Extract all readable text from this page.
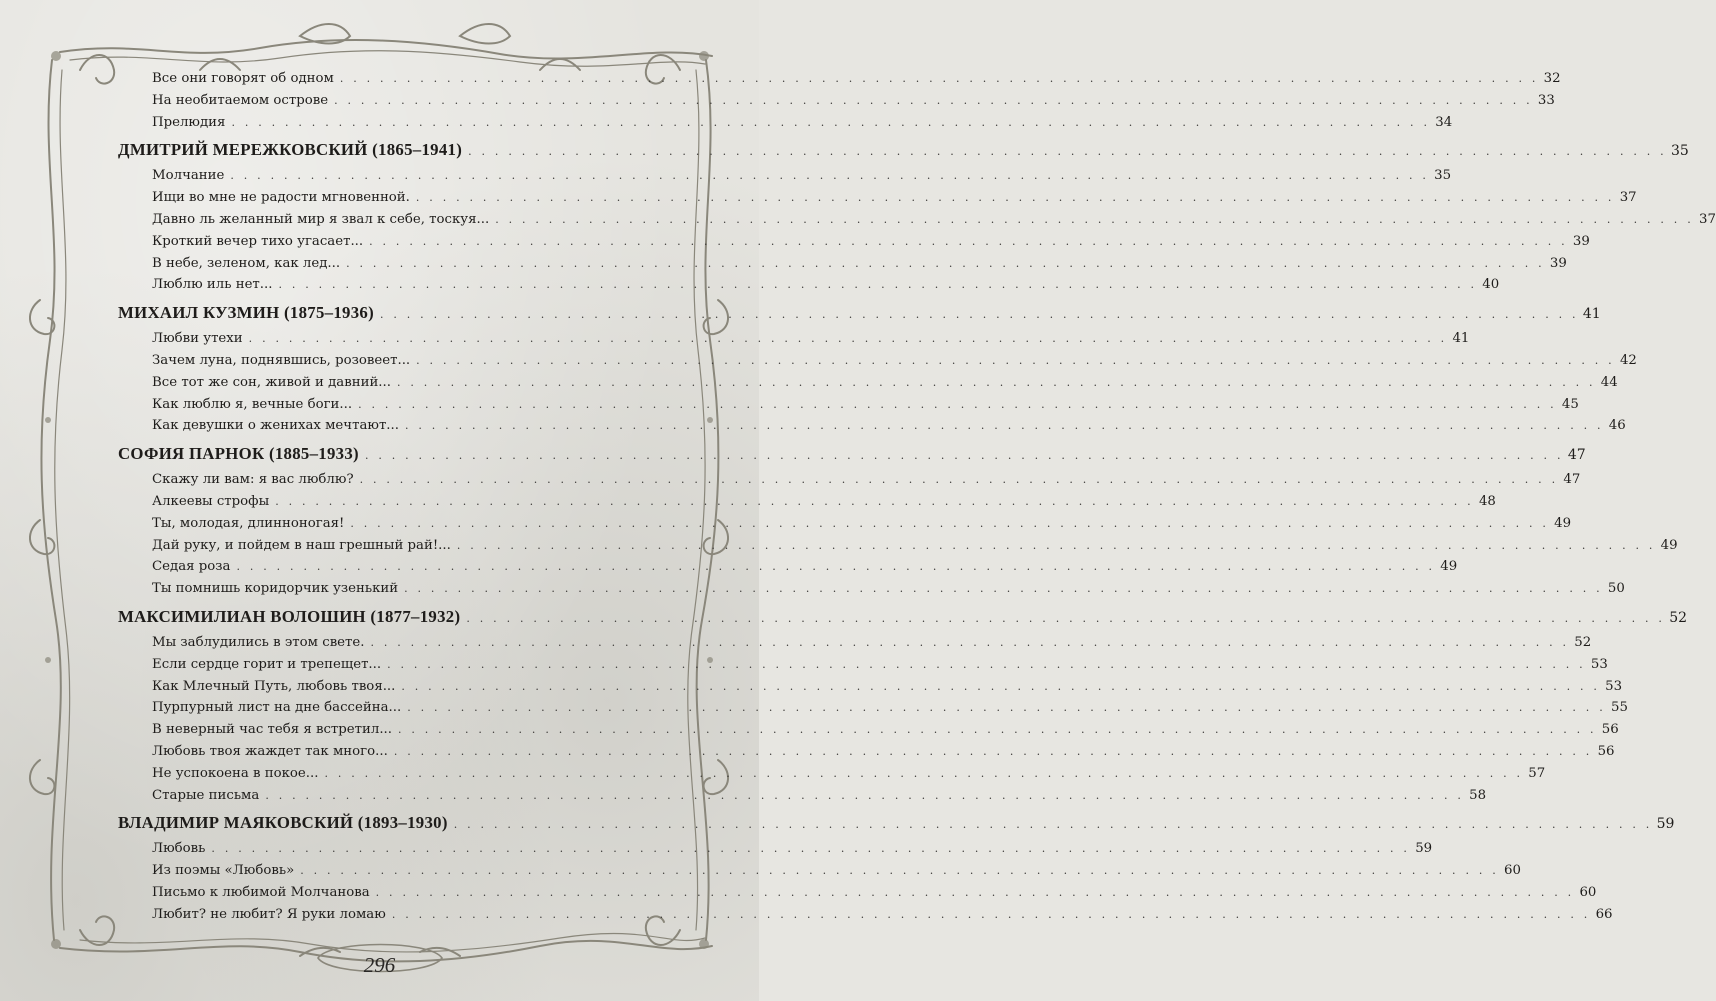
Все они говорят об одном . . . . . . . . . . . . . . . . . . . . . . . . . . . . . . . . . . . . . . . . . . . . . . . . . . . . . . . . . . . . . . . . . . . . . . . . . . . . . . . . . . . . . . . . . . 32
На необитаемом острове . . . . . . . . . . . . . . . . . . . . . . . . . . . . . . . . . . . . . . . . . . . . . . . . . . . . . . . . . . . . . . . . . . . . . . . . . . . . . . . . . . . . . . . . . . 33
Прелюдия . . . . . . . . . . . . . . . . . . . . . . . . . . . . . . . . . . . . . . . . . . . . . . . . . . . . . . . . . . . . . . . . . . . . . . . . . . . . . . . . . . . . . . . . . . 34
ДМИТРИЙ МЕРЕЖКОВСКИЙ (1865–1941) . . . . . . . . . . . . . . . . . . . . . . . . . . . . . . . . . . . . . . . . . . . . . . . . . . . . . . . . . . . . . . . . . . . . . . . . . . . . . . . . . . . . . . . . . . 35
Молчание . . . . . . . . . . . . . . . . . . . . . . . . . . . . . . . . . . . . . . . . . . . . . . . . . . . . . . . . . . . . . . . . . . . . . . . . . . . . . . . . . . . . . . . . . . 35
Ищи во мне не радости мгновенной. . . . . . . . . . . . . . . . . . . . . . . . . . . . . . . . . . . . . . . . . . . . . . . . . . . . . . . . . . . . . . . . . . . . . . . . . . . . . . . . . . . . . . . . . . . 37
Давно ль желанный мир я звал к себе, тоскуя... . . . . . . . . . . . . . . . . . . . . . . . . . . . . . . . . . . . . . . . . . . . . . . . . . . . . . . . . . . . . . . . . . . . . . . . . . . . . . . . . . . . . . . . . . . 37
Кроткий вечер тихо угасает... . . . . . . . . . . . . . . . . . . . . . . . . . . . . . . . . . . . . . . . . . . . . . . . . . . . . . . . . . . . . . . . . . . . . . . . . . . . . . . . . . . . . . . . . . . 39
В небе, зеленом, как лед... . . . . . . . . . . . . . . . . . . . . . . . . . . . . . . . . . . . . . . . . . . . . . . . . . . . . . . . . . . . . . . . . . . . . . . . . . . . . . . . . . . . . . . . . . . 39
Люблю иль нет... . . . . . . . . . . . . . . . . . . . . . . . . . . . . . . . . . . . . . . . . . . . . . . . . . . . . . . . . . . . . . . . . . . . . . . . . . . . . . . . . . . . . . . . . . . 40
МИХАИЛ КУЗМИН (1875–1936) . . . . . . . . . . . . . . . . . . . . . . . . . . . . . . . . . . . . . . . . . . . . . . . . . . . . . . . . . . . . . . . . . . . . . . . . . . . . . . . . . . . . . . . . . . 41
Любви утехи . . . . . . . . . . . . . . . . . . . . . . . . . . . . . . . . . . . . . . . . . . . . . . . . . . . . . . . . . . . . . . . . . . . . . . . . . . . . . . . . . . . . . . . . . . 41
Зачем луна, поднявшись, розовеет... . . . . . . . . . . . . . . . . . . . . . . . . . . . . . . . . . . . . . . . . . . . . . . . . . . . . . . . . . . . . . . . . . . . . . . . . . . . . . . . . . . . . . . . . . . 42
Все тот же сон, живой и давний... . . . . . . . . . . . . . . . . . . . . . . . . . . . . . . . . . . . . . . . . . . . . . . . . . . . . . . . . . . . . . . . . . . . . . . . . . . . . . . . . . . . . . . . . . . 44
Как люблю я, вечные боги... . . . . . . . . . . . . . . . . . . . . . . . . . . . . . . . . . . . . . . . . . . . . . . . . . . . . . . . . . . . . . . . . . . . . . . . . . . . . . . . . . . . . . . . . . . 45
Как девушки о женихах мечтают... . . . . . . . . . . . . . . . . . . . . . . . . . . . . . . . . . . . . . . . . . . . . . . . . . . . . . . . . . . . . . . . . . . . . . . . . . . . . . . . . . . . . . . . . . . 46
СОФИЯ ПАРНОК (1885–1933) . . . . . . . . . . . . . . . . . . . . . . . . . . . . . . . . . . . . . . . . . . . . . . . . . . . . . . . . . . . . . . . . . . . . . . . . . . . . . . . . . . . . . . . . . . 47
Скажу ли вам: я вас люблю? . . . . . . . . . . . . . . . . . . . . . . . . . . . . . . . . . . . . . . . . . . . . . . . . . . . . . . . . . . . . . . . . . . . . . . . . . . . . . . . . . . . . . . . . . . 47
Алкеевы строфы . . . . . . . . . . . . . . . . . . . . . . . . . . . . . . . . . . . . . . . . . . . . . . . . . . . . . . . . . . . . . . . . . . . . . . . . . . . . . . . . . . . . . . . . . . 48
Ты, молодая, длинноногая! . . . . . . . . . . . . . . . . . . . . . . . . . . . . . . . . . . . . . . . . . . . . . . . . . . . . . . . . . . . . . . . . . . . . . . . . . . . . . . . . . . . . . . . . . . 49
Дай руку, и пойдем в наш грешный рай!... . . . . . . . . . . . . . . . . . . . . . . . . . . . . . . . . . . . . . . . . . . . . . . . . . . . . . . . . . . . . . . . . . . . . . . . . . . . . . . . . . . . . . . . . . . 49
Седая роза . . . . . . . . . . . . . . . . . . . . . . . . . . . . . . . . . . . . . . . . . . . . . . . . . . . . . . . . . . . . . . . . . . . . . . . . . . . . . . . . . . . . . . . . . . 49
Ты помнишь коридорчик узенький . . . . . . . . . . . . . . . . . . . . . . . . . . . . . . . . . . . . . . . . . . . . . . . . . . . . . . . . . . . . . . . . . . . . . . . . . . . . . . . . . . . . . . . . . . 50
МАКСИМИЛИАН ВОЛОШИН (1877–1932) . . . . . . . . . . . . . . . . . . . . . . . . . . . . . . . . . . . . . . . . . . . . . . . . . . . . . . . . . . . . . . . . . . . . . . . . . . . . . . . . . . . . . . . . . . 52
Мы заблудились в этом свете. . . . . . . . . . . . . . . . . . . . . . . . . . . . . . . . . . . . . . . . . . . . . . . . . . . . . . . . . . . . . . . . . . . . . . . . . . . . . . . . . . . . . . . . . . . 52
Если сердце горит и трепещет... . . . . . . . . . . . . . . . . . . . . . . . . . . . . . . . . . . . . . . . . . . . . . . . . . . . . . . . . . . . . . . . . . . . . . . . . . . . . . . . . . . . . . . . . . . 53
Как Млечный Путь, любовь твоя... . . . . . . . . . . . . . . . . . . . . . . . . . . . . . . . . . . . . . . . . . . . . . . . . . . . . . . . . . . . . . . . . . . . . . . . . . . . . . . . . . . . . . . . . . . 53
Пурпурный лист на дне бассейна... . . . . . . . . . . . . . . . . . . . . . . . . . . . . . . . . . . . . . . . . . . . . . . . . . . . . . . . . . . . . . . . . . . . . . . . . . . . . . . . . . . . . . . . . . . 55
В неверный час тебя я встретил... . . . . . . . . . . . . . . . . . . . . . . . . . . . . . . . . . . . . . . . . . . . . . . . . . . . . . . . . . . . . . . . . . . . . . . . . . . . . . . . . . . . . . . . . . . 56
Любовь твоя жаждет так много... . . . . . . . . . . . . . . . . . . . . . . . . . . . . . . . . . . . . . . . . . . . . . . . . . . . . . . . . . . . . . . . . . . . . . . . . . . . . . . . . . . . . . . . . . . 56
Не успокоена в покое... . . . . . . . . . . . . . . . . . . . . . . . . . . . . . . . . . . . . . . . . . . . . . . . . . . . . . . . . . . . . . . . . . . . . . . . . . . . . . . . . . . . . . . . . . . 57
Старые письма . . . . . . . . . . . . . . . . . . . . . . . . . . . . . . . . . . . . . . . . . . . . . . . . . . . . . . . . . . . . . . . . . . . . . . . . . . . . . . . . . . . . . . . . . . 58
ВЛАДИМИР МАЯКОВСКИЙ (1893–1930) . . . . . . . . . . . . . . . . . . . . . . . . . . . . . . . . . . . . . . . . . . . . . . . . . . . . . . . . . . . . . . . . . . . . . . . . . . . . . . . . . . . . . . . . . . 59
Любовь . . . . . . . . . . . . . . . . . . . . . . . . . . . . . . . . . . . . . . . . . . . . . . . . . . . . . . . . . . . . . . . . . . . . . . . . . . . . . . . . . . . . . . . . . . 59
Из поэмы «Любовь» . . . . . . . . . . . . . . . . . . . . . . . . . . . . . . . . . . . . . . . . . . . . . . . . . . . . . . . . . . . . . . . . . . . . . . . . . . . . . . . . . . . . . . . . . . 60
Письмо к любимой Молчанова . . . . . . . . . . . . . . . . . . . . . . . . . . . . . . . . . . . . . . . . . . . . . . . . . . . . . . . . . . . . . . . . . . . . . . . . . . . . . . . . . . . . . . . . . . 60
Любит? не любит? Я руки ломаю . . . . . . . . . . . . . . . . . . . . . . . . . . . . . . . . . . . . . . . . . . . . . . . . . . . . . . . . . . . . . . . . . . . . . . . . . . . . . . . . . . . . . . . . . . 66
296
